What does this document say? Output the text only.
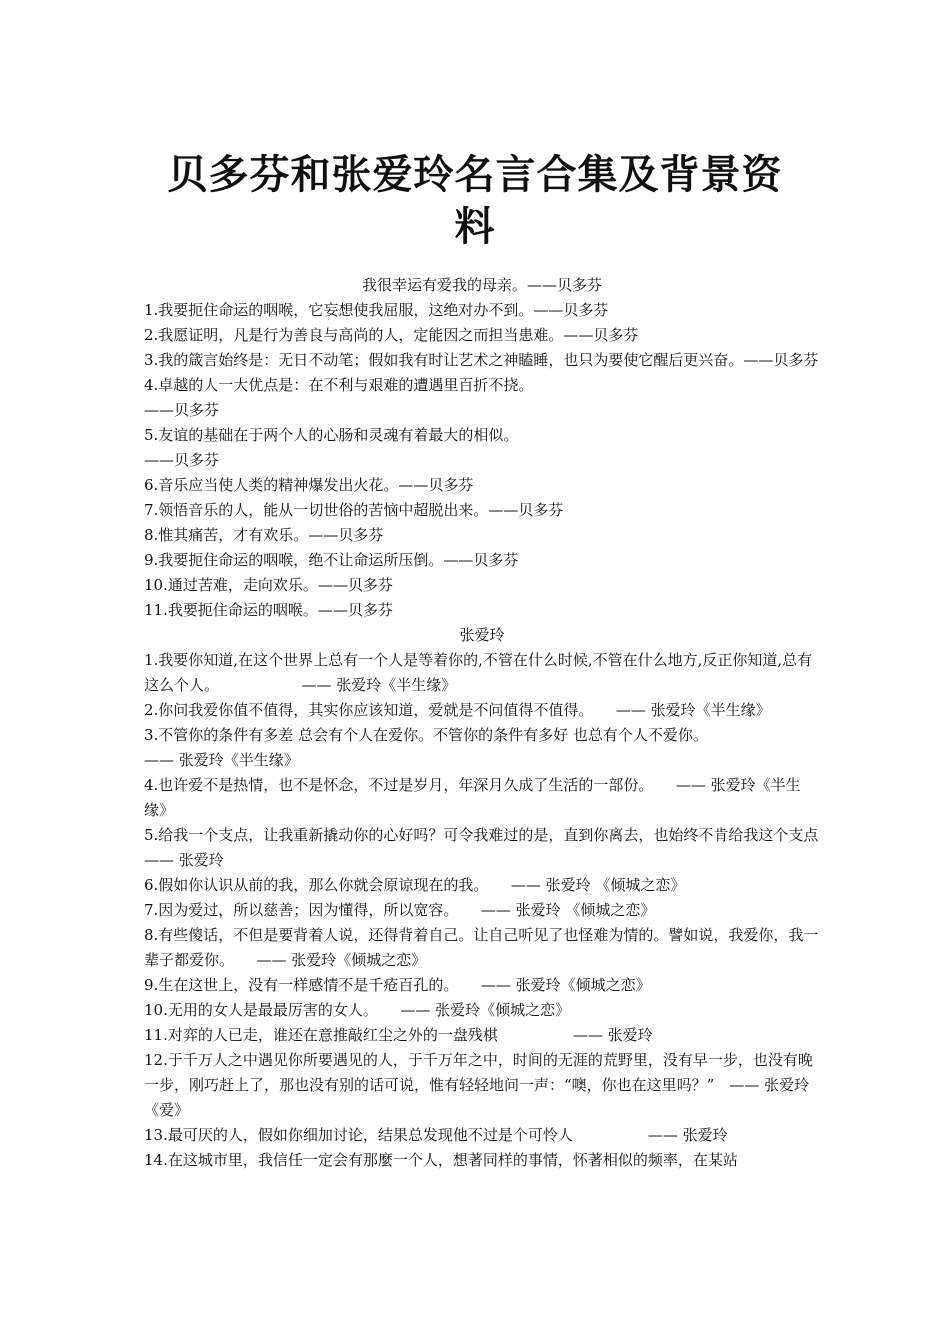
贝多芬和张爱玲名言合集及背景资料

我很幸运有爱我的母亲。——贝多芬

1.我要扼住命运的咽喉，它妄想使我屈服，这绝对办不到。——贝多芬

2.我愿证明，凡是行为善良与高尚的人，定能因之而担当患难。——贝多芬

3.我的箴言始终是：无日不动笔；假如我有时让艺术之神瞌睡，也只为要使它醒后更兴奋。——贝多芬

4.卓越的人一大优点是：在不利与艰难的遭遇里百折不挠。

——贝多芬

5.友谊的基础在于两个人的心肠和灵魂有着最大的相似。

——贝多芬

6.音乐应当使人类的精神爆发出火花。——贝多芬

7.领悟音乐的人，能从一切世俗的苦恼中超脱出来。——贝多芬

8.惟其痛苦，才有欢乐。——贝多芬

9.我要扼住命运的咽喉，绝不让命运所压倒。——贝多芬

10.通过苦难，走向欢乐。——贝多芬

11.我要扼住命运的咽喉。——贝多芬

张爱玲

1.我要你知道,在这个世界上总有一个人是等着你的,不管在什么时候,不管在什么地方,反正你知道,总有这么个人。　　　　　　—— 张爱玲《半生缘》

2.你问我爱你值不值得，其实你应该知道，爱就是不问值得不值得。　　—— 张爱玲《半生缘》

3.不管你的条件有多差 总会有个人在爱你。不管你的条件有多好 也总有个人不爱你。

—— 张爱玲《半生缘》

4.也许爱不是热情，也不是怀念，不过是岁月，年深月久成了生活的一部份。　　—— 张爱玲《半生缘》

5.给我一个支点，让我重新撬动你的心好吗？可令我难过的是，直到你离去，也始终不肯给我这个支点　　　　　—— 张爱玲

6.假如你认识从前的我，那么你就会原谅现在的我。　　—— 张爱玲 《倾城之恋》

7.因为爱过，所以慈善；因为懂得，所以宽容。　　—— 张爱玲 《倾城之恋》

8.有些傻话，不但是要背着人说，还得背着自己。让自己听见了也怪难为情的。譬如说，我爱你，我一辈子都爱你。　　—— 张爱玲《倾城之恋》

9.生在这世上，没有一样感情不是千疮百孔的。　　—— 张爱玲《倾城之恋》

10.无用的女人是最最厉害的女人。　　—— 张爱玲《倾城之恋》

11.对弈的人已走，谁还在意推敲红尘之外的一盘残棋　　　　　—— 张爱玲

12.于千万人之中遇见你所要遇见的人，于千万年之中，时间的无涯的荒野里，没有早一步，也没有晚一步，刚巧赶上了，那也没有别的话可说，惟有轻轻地问一声：“噢，你也在这里吗？”　—— 张爱玲《爱》

13.最可厌的人，假如你细加讨论，结果总发现他不过是个可怜人　　　　　—— 张爱玲

14.在这城市里，我信任一定会有那麼一个人，想著同样的事情，怀著相似的频率，在某站
